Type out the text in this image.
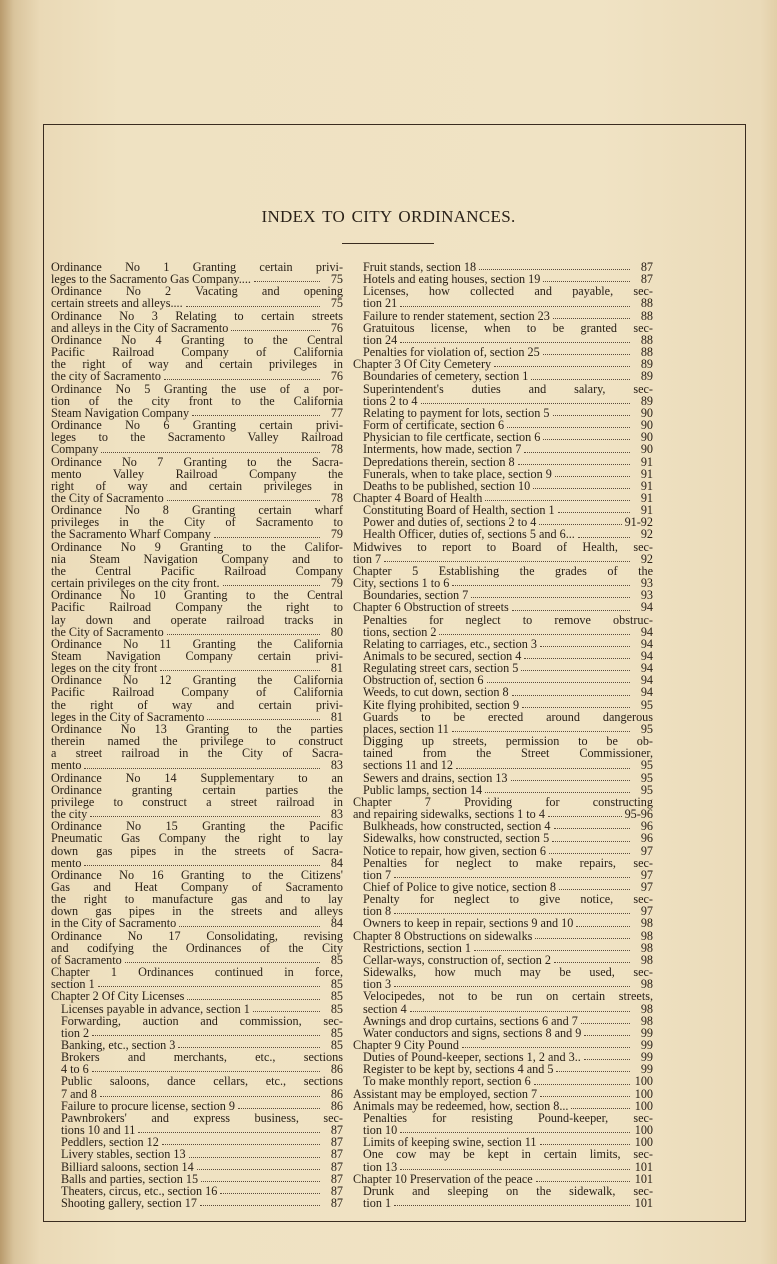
INDEX TO CITY ORDINANCES.
Ordinance No 1 Granting certain privi-
leges to the Sacramento Gas Company....	75
Ordinance No 2 Vacating and opening
certain streets and alleys....	75
Ordinance No 3 Relating to certain streets
and alleys in the City of Sacramento	76
Ordinance No 4 Granting to the Central
Pacific Railroad Company of California
the right of way and certain privileges in
the city of Sacramento	76
Ordinance No 5 Granting the use of a por-
tion of the city front to the California
Steam Navigation Company	77
Ordinance No 6 Granting certain privi-
leges to the Sacramento Valley Railroad
Company	78
Ordinance No 7 Granting to the Sacra-
mento Valley Railroad Company the
right of way and certain privileges in
the City of Sacramento	78
Ordinance No 8 Granting certain wharf
privileges in the City of Sacramento to
the Sacramento Wharf Company	79
Ordinance No 9 Granting to the Califor-
nia Steam Navigation Company and to
the Central Pacific Railroad Company
certain privileges on the city front.	79
Ordinance No 10 Granting to the Central
Pacific Railroad Company the right to
lay down and operate railroad tracks in
the City of Sacramento	80
Ordinance No 11 Granting the California
Steam Navigation Company certain privi-
leges on the city front	81
Ordinance No 12 Granting the California
Pacific Railroad Company of California
the right of way and certain privi-
leges in the City of Sacramento	81
Ordinance No 13 Granting to the parties
therein named the privilege to construct
a street railroad in the City of Sacra-
mento	83
Ordinance No 14 Supplementary to an
Ordinance granting certain parties the
privilege to construct a street railroad in
the city	83
Ordinance No 15 Granting the Pacific
Pneumatic Gas Company the right to lay
down gas pipes in the streets of Sacra-
mento	84
Ordinance No 16 Granting to the Citizens'
Gas and Heat Company of Sacramento
the right to manufacture gas and to lay
down gas pipes in the streets and alleys
in the City of Sacramento	84
Ordinance No 17 Consolidating, revising
and codifying the Ordinances of the City
of Sacramento	85
Chapter 1 Ordinances continued in force,
section 1	85
Chapter 2 Of City Licenses	85
Licenses payable in advance, section 1	85
Forwarding, auction and commission, sec-
tion 2	85
Banking, etc., section 3	85
Brokers and merchants, etc., sections
4 to 6	86
Public saloons, dance cellars, etc., sections
7 and 8	86
Failure to procure license, section 9	86
Pawnbrokers' and express business, sec-
tions 10 and 11	87
Peddlers, section 12	87
Livery stables, section 13	87
Billiard saloons, section 14	87
Balls and parties, section 15	87
Theaters, circus, etc., section 16	87
Shooting gallery, section 17	87
Fruit stands, section 18	87
Hotels and eating houses, section 19	87
Licenses, how collected and payable, sec-
tion 21	88
Failure to render statement, section 23	88
Gratuitous license, when to be granted sec-
tion 24	88
Penalties for violation of, section 25	88
Chapter 3 Of City Cemetery	89
Boundaries of cemetery, section 1	89
Superintendent's duties and salary, sec-
tions 2 to 4	89
Relating to payment for lots, section 5	90
Form of certificate, section 6	90
Physician to file certficate, section 6	90
Interments, how made, section 7	90
Depredations therein, section 8	91
Funerals, when to take place, section 9	91
Deaths to be published, section 10	91
Chapter 4 Board of Health	91
Constituting Board of Health, section 1	91
Power and duties of, sections 2 to 4	91-92
Health Officer, duties of, sections 5 and 6...	92
Midwives to report to Board of Health, sec-
tion 7	92
Chapter 5 Establishing the grades of the
City, sections 1 to 6	93
Boundaries, section 7	93
Chapter 6 Obstruction of streets	94
Penalties for neglect to remove obstruc-
tions, section 2	94
Relating to carriages, etc., section 3	94
Animals to be secured, section 4	94
Regulating street cars, section 5	94
Obstruction of, section 6	94
Weeds, to cut down, section 8	94
Kite flying prohibited, section 9	95
Guards to be erected around dangerous
places, section 11	95
Digging up streets, permission to be ob-
tained from the Street Commissioner,
sections 11 and 12	95
Sewers and drains, section 13	95
Public lamps, section 14	95
Chapter 7 Providing for constructing
and repairing sidewalks, sections 1 to 4	95-96
Bulkheads, how constructed, section 4	96
Sidewalks, how constructed, section 5	96
Notice to repair, how given, section 6	97
Penalties for neglect to make repairs, sec-
tion 7	97
Chief of Police to give notice, section 8	97
Penalty for neglect to give notice, sec-
tion 8	97
Owners to keep in repair, sections 9 and 10	98
Chapter 8 Obstructions on sidewalks	98
Restrictions, section 1	98
Cellar-ways, construction of, section 2	98
Sidewalks, how much may be used, sec-
tion 3	98
Velocipedes, not to be run on certain streets,
section 4	98
Awnings and drop curtains, sections 6 and 7	98
Water conductors and signs, sections 8 and 9	99
Chapter 9 City Pound	99
Duties of Pound-keeper, sections 1, 2 and 3..	99
Register to be kept by, sections 4 and 5	99
To make monthly report, section 6	100
Assistant may be employed, section 7	100
Animals may be redeemed, how, section 8...	100
Penalties for resisting Pound-keeper, sec-
tion 10	100
Limits of keeping swine, section 11	100
One cow may be kept in certain limits, sec-
tion 13	101
Chapter 10 Preservation of the peace	101
Drunk and sleeping on the sidewalk, sec-
tion 1	101
